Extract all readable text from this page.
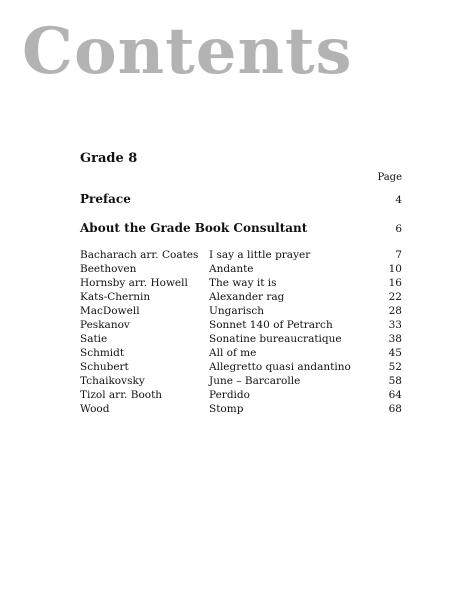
Contents
Grade 8
Page
Preface	4
About the Grade Book Consultant	6
Bacharach arr. Coates	I say a little prayer	7
Beethoven	Andante	10
Hornsby arr. Howell	The way it is	16
Kats-Chernin	Alexander rag	22
MacDowell	Ungarisch	28
Peskanov	Sonnet 140 of Petrarch	33
Satie	Sonatine bureaucratique	38
Schmidt	All of me	45
Schubert	Allegretto quasi andantino	52
Tchaikovsky	June – Barcarolle	58
Tizol arr. Booth	Perdido	64
Wood	Stomp	68
